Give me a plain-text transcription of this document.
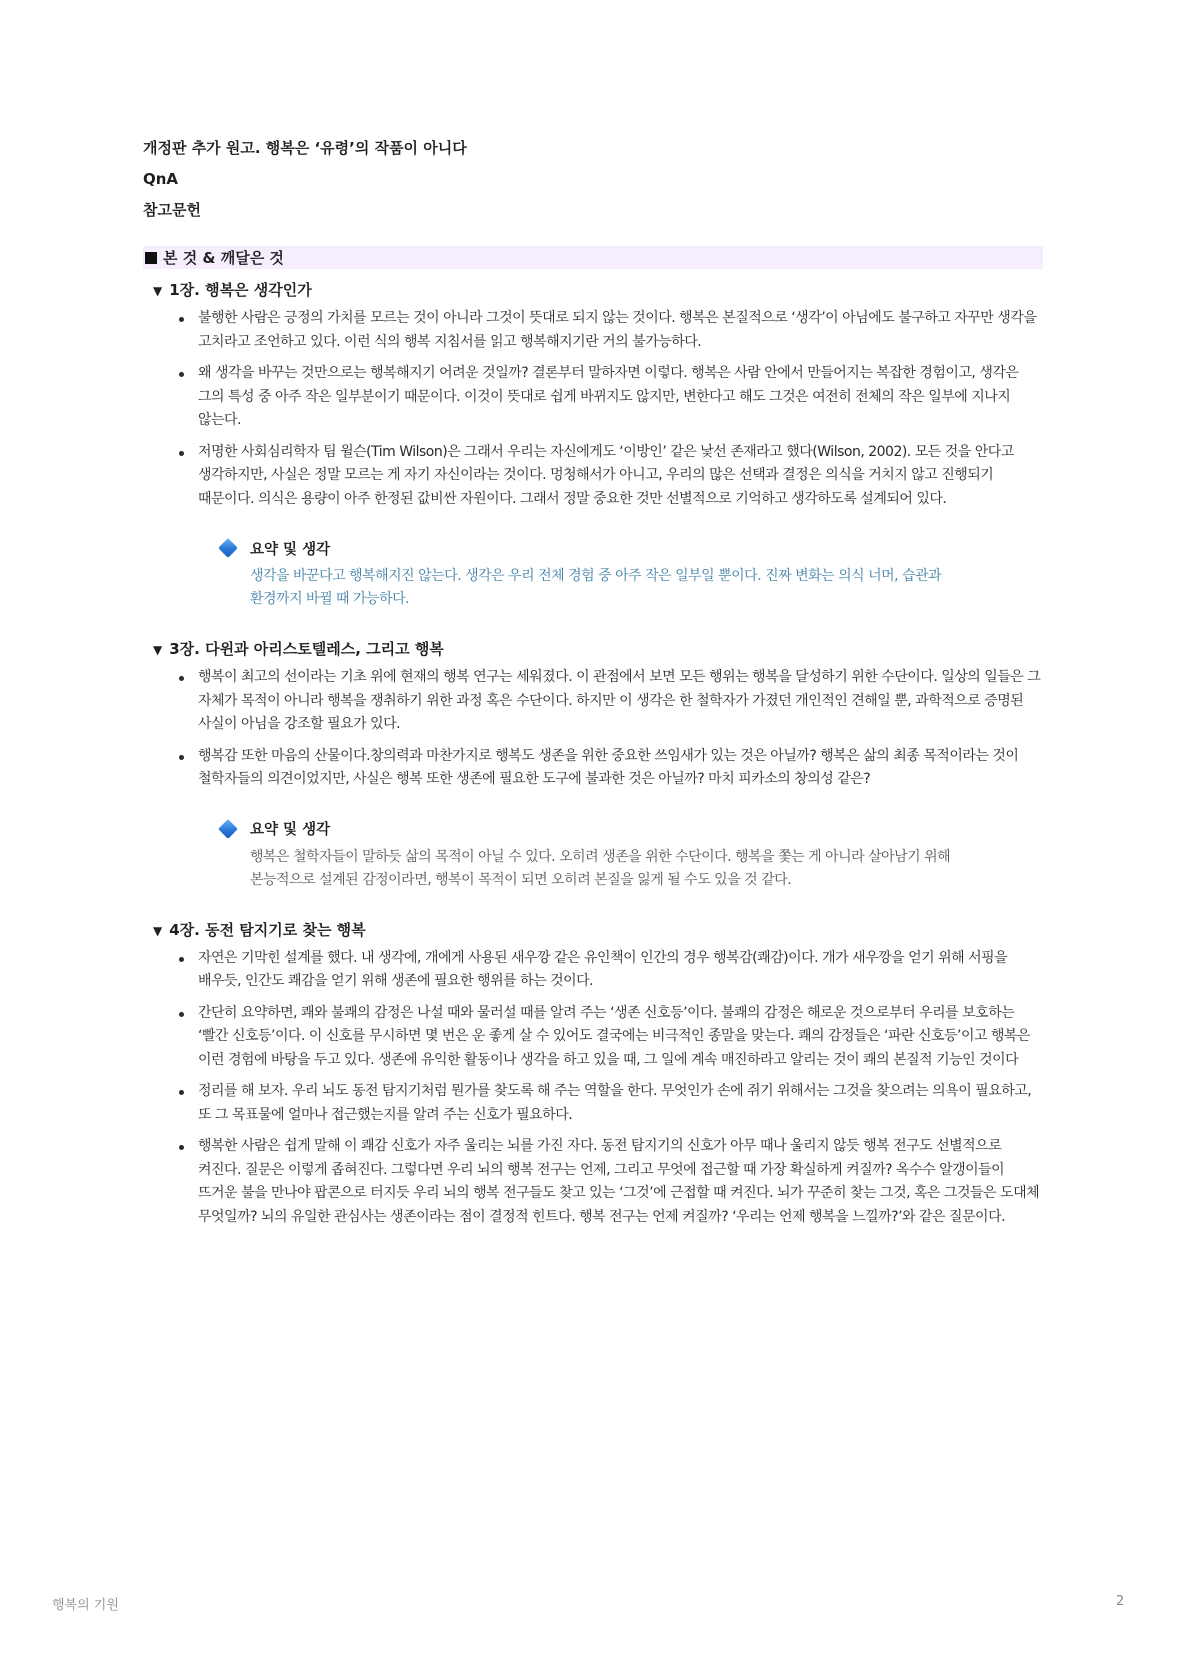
개정판 추가 원고. 행복은 ‘유령’의 작품이 아니다
QnA
참고문헌
본 것 & 깨달은 것
▼ 1장. 행복은 생각인가
불행한 사람은 긍정의 가치를 모르는 것이 아니라 그것이 뜻대로 되지 않는 것이다. 행복은 본질적으로 ‘생각’이 아님에도 불구하고 자꾸만 생각을 고치라고 조언하고 있다. 이런 식의 행복 지침서를 읽고 행복해지기란 거의 불가능하다.
왜 생각을 바꾸는 것만으로는 행복해지기 어려운 것일까? 결론부터 말하자면 이렇다. 행복은 사람 안에서 만들어지는 복잡한 경험이고, 생각은 그의 특성 중 아주 작은 일부분이기 때문이다. 이것이 뜻대로 쉽게 바뀌지도 않지만, 변한다고 해도 그것은 여전히 전체의 작은 일부에 지나지 않는다.
저명한 사회심리학자 팀 윌슨(Tim Wilson)은 그래서 우리는 자신에게도 ‘이방인’ 같은 낯선 존재라고 했다(Wilson, 2002). 모든 것을 안다고 생각하지만, 사실은 정말 모르는 게 자기 자신이라는 것이다. 멍청해서가 아니고, 우리의 많은 선택과 결정은 의식을 거치지 않고 진행되기 때문이다. 의식은 용량이 아주 한정된 값비싼 자원이다. 그래서 정말 중요한 것만 선별적으로 기억하고 생각하도록 설계되어 있다.
요약 및 생각
생각을 바꾼다고 행복해지진 않는다. 생각은 우리 전체 경험 중 아주 작은 일부일 뿐이다. 진짜 변화는 의식 너머, 습관과 환경까지 바뀔 때 가능하다.
▼ 3장. 다윈과 아리스토텔레스, 그리고 행복
행복이 최고의 선이라는 기초 위에 현재의 행복 연구는 세워졌다. 이 관점에서 보면 모든 행위는 행복을 달성하기 위한 수단이다. 일상의 일들은 그 자체가 목적이 아니라 행복을 쟁취하기 위한 과정 혹은 수단이다. 하지만 이 생각은 한 철학자가 가졌던 개인적인 견해일 뿐, 과학적으로 증명된 사실이 아님을 강조할 필요가 있다.
행복감 또한 마음의 산물이다.창의력과 마찬가지로 행복도 생존을 위한 중요한 쓰임새가 있는 것은 아닐까? 행복은 삶의 최종 목적이라는 것이 철학자들의 의견이었지만, 사실은 행복 또한 생존에 필요한 도구에 불과한 것은 아닐까? 마치 피카소의 창의성 같은?
요약 및 생각
행복은 철학자들이 말하듯 삶의 목적이 아닐 수 있다. 오히려 생존을 위한 수단이다. 행복을 쫓는 게 아니라 살아남기 위해 본능적으로 설계된 감정이라면, 행복이 목적이 되면 오히려 본질을 잃게 될 수도 있을 것 같다.
▼ 4장. 동전 탐지기로 찾는 행복
자연은 기막힌 설계를 했다. 내 생각에, 개에게 사용된 새우깡 같은 유인책이 인간의 경우 행복감(쾌감)이다. 개가 새우깡을 얻기 위해 서핑을 배우듯, 인간도 쾌감을 얻기 위해 생존에 필요한 행위를 하는 것이다.
간단히 요약하면, 쾌와 불쾌의 감정은 나설 때와 물러설 때를 알려 주는 ‘생존 신호등’이다. 불쾌의 감정은 해로운 것으로부터 우리를 보호하는 ‘빨간 신호등’이다. 이 신호를 무시하면 몇 번은 운 좋게 살 수 있어도 결국에는 비극적인 종말을 맞는다. 쾌의 감정들은 ‘파란 신호등’이고 행복은 이런 경험에 바탕을 두고 있다. 생존에 유익한 활동이나 생각을 하고 있을 때, 그 일에 계속 매진하라고 알리는 것이 쾌의 본질적 기능인 것이다
정리를 해 보자. 우리 뇌도 동전 탐지기처럼 뭔가를 찾도록 해 주는 역할을 한다. 무엇인가 손에 쥐기 위해서는 그것을 찾으려는 의욕이 필요하고, 또 그 목표물에 얼마나 접근했는지를 알려 주는 신호가 필요하다.
행복한 사람은 쉽게 말해 이 쾌감 신호가 자주 울리는 뇌를 가진 자다. 동전 탐지기의 신호가 아무 때나 울리지 않듯 행복 전구도 선별적으로 켜진다. 질문은 이렇게 좁혀진다. 그렇다면 우리 뇌의 행복 전구는 언제, 그리고 무엇에 접근할 때 가장 확실하게 켜질까? 옥수수 알갱이들이 뜨거운 불을 만나야 팝콘으로 터지듯 우리 뇌의 행복 전구들도 찾고 있는 ‘그것’에 근접할 때 켜진다. 뇌가 꾸준히 찾는 그것, 혹은 그것들은 도대체 무엇일까? 뇌의 유일한 관심사는 생존이라는 점이 결정적 힌트다. 행복 전구는 언제 켜질까? ‘우리는 언제 행복을 느낄까?’와 같은 질문이다.
행복의 기원	2
